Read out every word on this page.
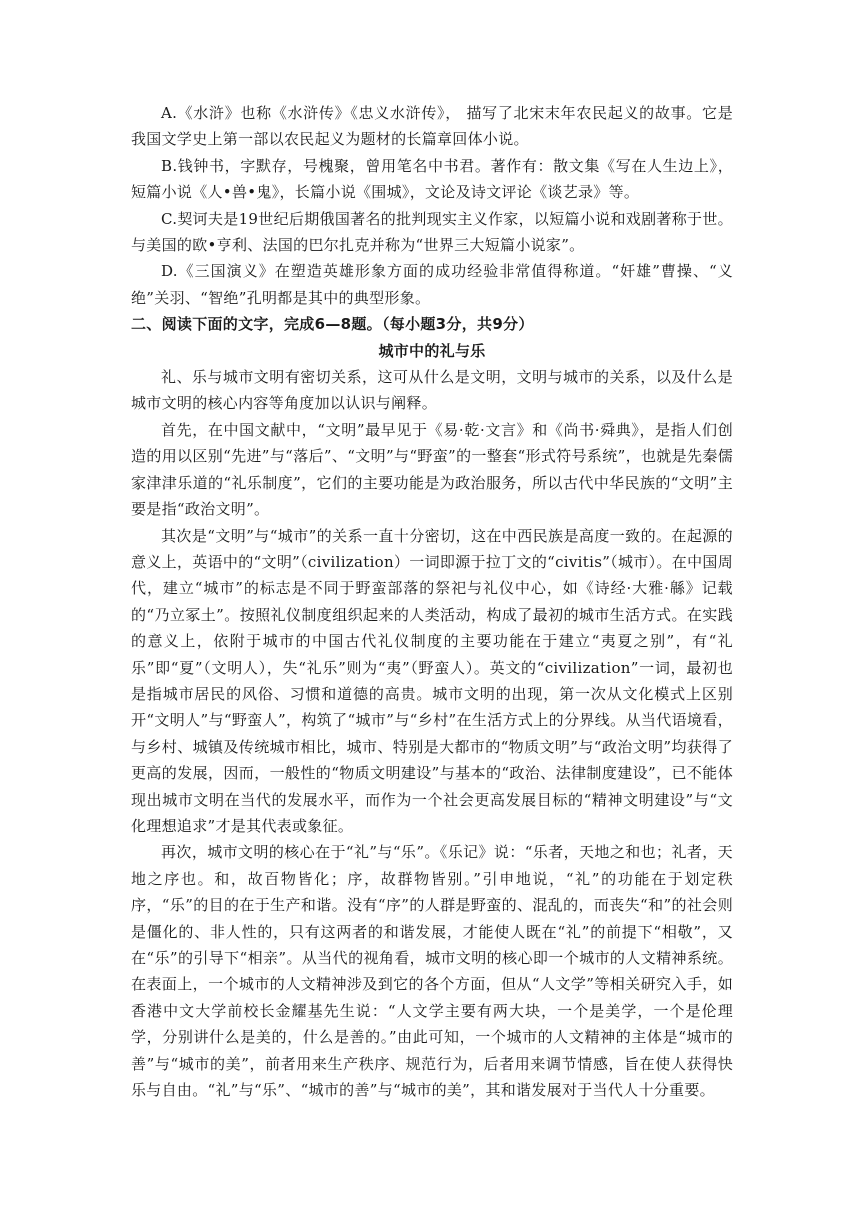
A.《水浒》也称《水浒传》《忠义水浒传》， 描写了北宋末年农民起义的故事。它是我国文学史上第一部以农民起义为题材的长篇章回体小说。

B.钱钟书，字默存，号槐聚，曾用笔名中书君。著作有：散文集《写在人生边上》，短篇小说《人•兽•鬼》，长篇小说《围城》，文论及诗文评论《谈艺录》等。

C.契诃夫是19世纪后期俄国著名的批判现实主义作家，以短篇小说和戏剧著称于世。与美国的欧•亨利、法国的巴尔扎克并称为“世界三大短篇小说家”。

D.《三国演义》在塑造英雄形象方面的成功经验非常值得称道。“奸雄”曹操、“义绝”关羽、“智绝”孔明都是其中的典型形象。

二、阅读下面的文字，完成6—8题。（每小题3分，共9分）

城市中的礼与乐

礼、乐与城市文明有密切关系，这可从什么是文明，文明与城市的关系，以及什么是城市文明的核心内容等角度加以认识与阐释。

首先，在中国文献中，“文明”最早见于《易·乾·文言》和《尚书·舜典》，是指人们创造的用以区别“先进”与“落后”、“文明”与“野蛮”的一整套“形式符号系统”，也就是先秦儒家津津乐道的“礼乐制度”，它们的主要功能是为政治服务，所以古代中华民族的“文明”主要是指“政治文明”。

其次是“文明”与“城市”的关系一直十分密切，这在中西民族是高度一致的。在起源的意义上，英语中的“文明”（civilization）一词即源于拉丁文的“civitis”（城市）。在中国周代，建立“城市”的标志是不同于野蛮部落的祭祀与礼仪中心，如《诗经·大雅·緜》记载的“乃立冢土”。按照礼仪制度组织起来的人类活动，构成了最初的城市生活方式。在实践的意义上，依附于城市的中国古代礼仪制度的主要功能在于建立“夷夏之别”，有“礼乐”即“夏”（文明人），失“礼乐”则为“夷”（野蛮人）。英文的“civilization”一词，最初也是指城市居民的风俗、习惯和道德的高贵。城市文明的出现，第一次从文化模式上区别开“文明人”与“野蛮人”，构筑了“城市”与“乡村”在生活方式上的分界线。从当代语境看，与乡村、城镇及传统城市相比，城市、特别是大都市的“物质文明”与“政治文明”均获得了更高的发展，因而，一般性的“物质文明建设”与基本的“政治、法律制度建设”，已不能体现出城市文明在当代的发展水平，而作为一个社会更高发展目标的“精神文明建设”与“文化理想追求”才是其代表或象征。

再次，城市文明的核心在于“礼”与“乐”。《乐记》说：“乐者，天地之和也；礼者，天地之序也。和，故百物皆化；序，故群物皆别。”引申地说，“礼”的功能在于划定秩序，“乐”的目的在于生产和谐。没有“序”的人群是野蛮的、混乱的，而丧失“和”的社会则是僵化的、非人性的，只有这两者的和谐发展，才能使人既在“礼”的前提下“相敬”，又在“乐”的引导下“相亲”。从当代的视角看，城市文明的核心即一个城市的人文精神系统。在表面上，一个城市的人文精神涉及到它的各个方面，但从“人文学”等相关研究入手，如香港中文大学前校长金耀基先生说：“人文学主要有两大块，一个是美学，一个是伦理学，分别讲什么是美的，什么是善的。”由此可知，一个城市的人文精神的主体是“城市的善”与“城市的美”，前者用来生产秩序、规范行为，后者用来调节情感，旨在使人获得快乐与自由。“礼”与“乐”、“城市的善”与“城市的美”，其和谐发展对于当代人十分重要。
